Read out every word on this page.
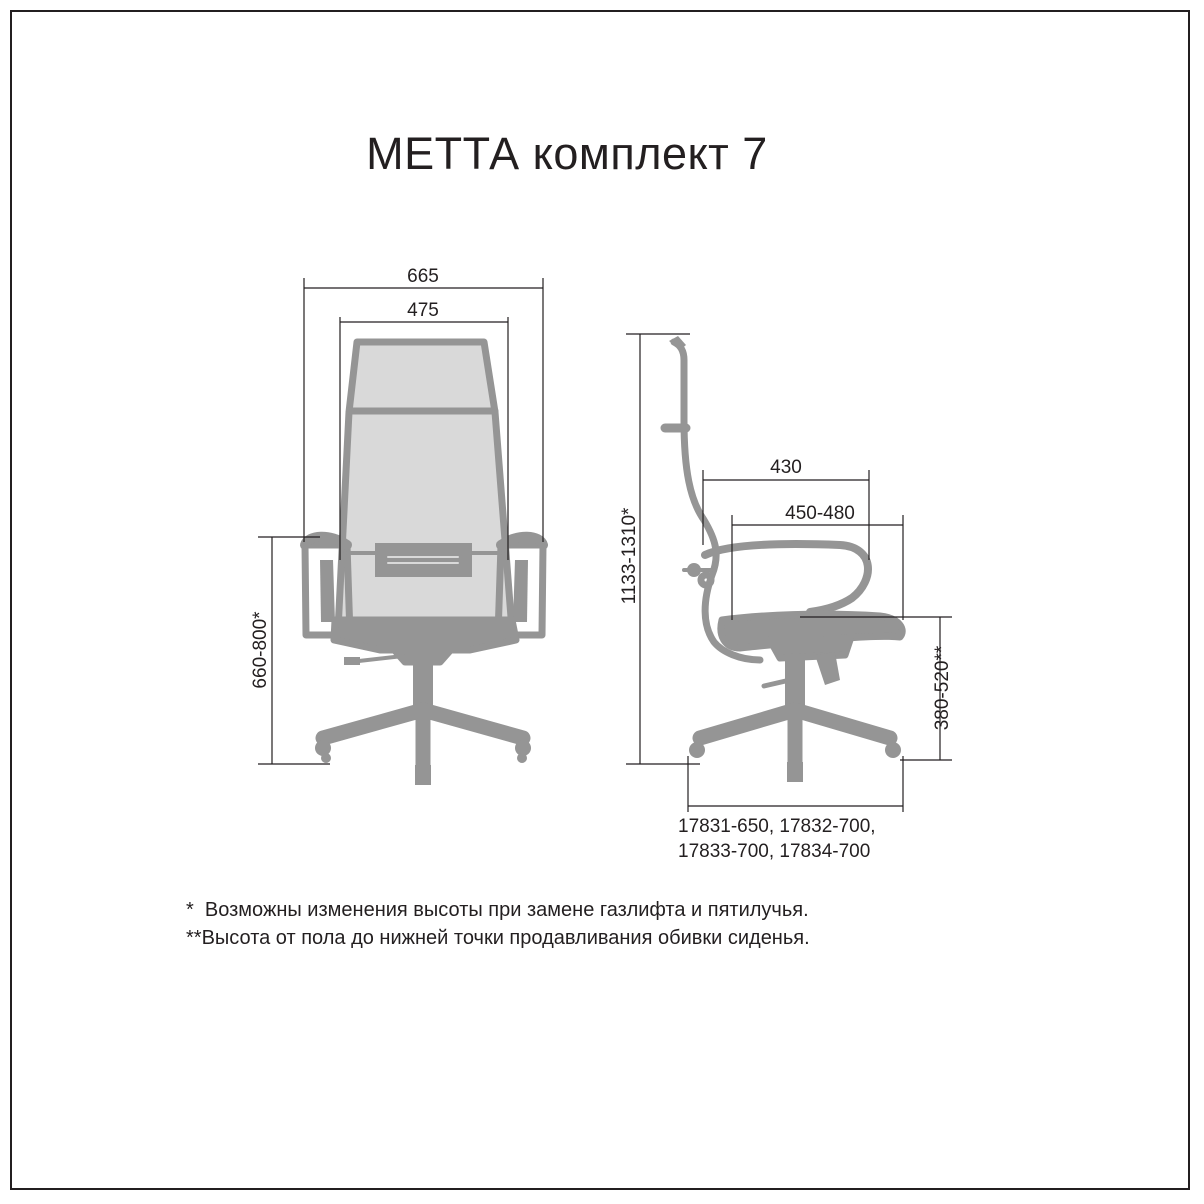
МЕТТА комплект 7
665
475
660-800*
1133-1310*
430
450-480
380-520**
17831-650, 17832-700,
17833-700, 17834-700
*  Возможны изменения высоты при замене газлифта и пятилучья.
**Высота от пола до нижней точки продавливания обивки сиденья.
